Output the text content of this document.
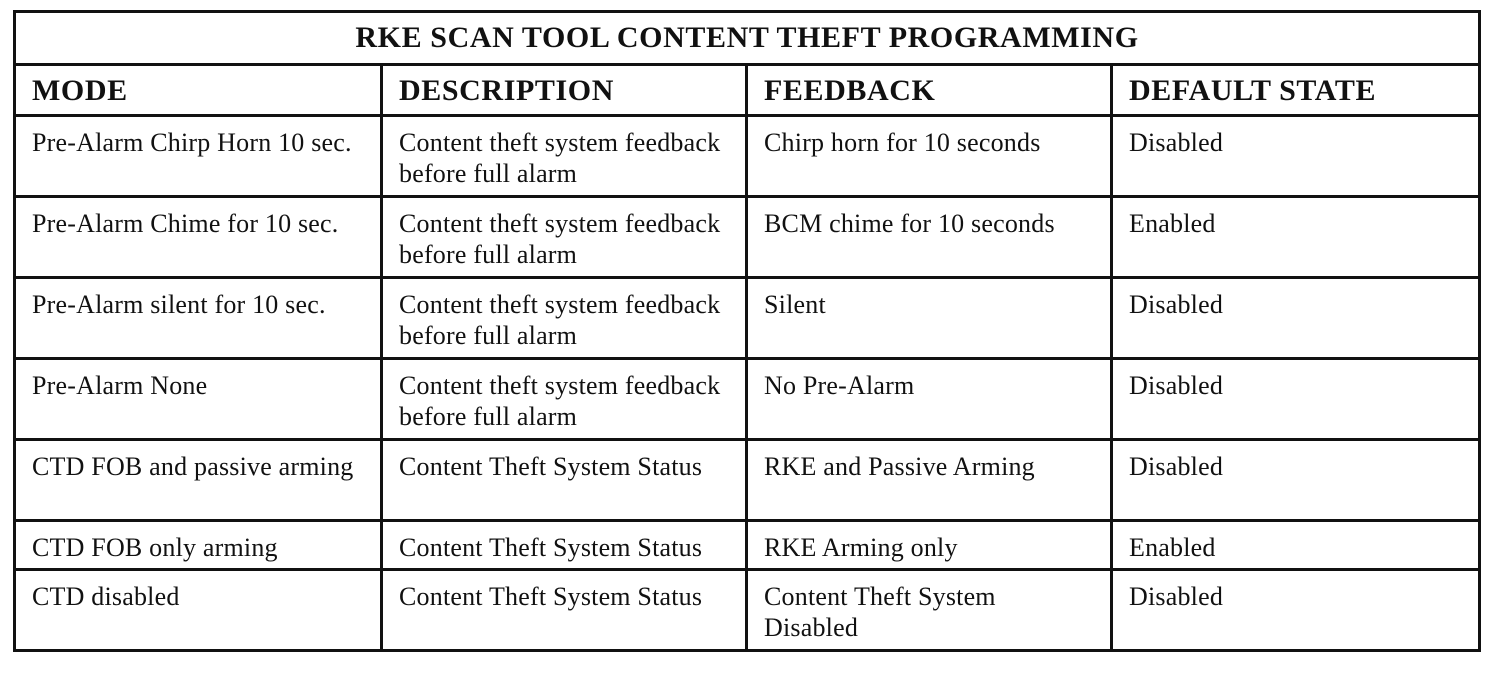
RKE SCAN TOOL CONTENT THEFT PROGRAMMING			
MODE	DESCRIPTION	FEEDBACK	DEFAULT STATE
Pre-Alarm Chirp Horn 10 sec.	Content theft system feedback before full alarm	Chirp horn for 10 seconds	Disabled
Pre-Alarm Chime for 10 sec.	Content theft system feedback before full alarm	BCM chime for 10 seconds	Enabled
Pre-Alarm silent for 10 sec.	Content theft system feedback before full alarm	Silent	Disabled
Pre-Alarm None	Content theft system feedback before full alarm	No Pre-Alarm	Disabled
CTD FOB and passive arming	Content Theft System Status	RKE and Passive Arming	Disabled
CTD FOB only arming	Content Theft System Status	RKE Arming only	Enabled
CTD disabled	Content Theft System Status	Content Theft System Disabled	Disabled
